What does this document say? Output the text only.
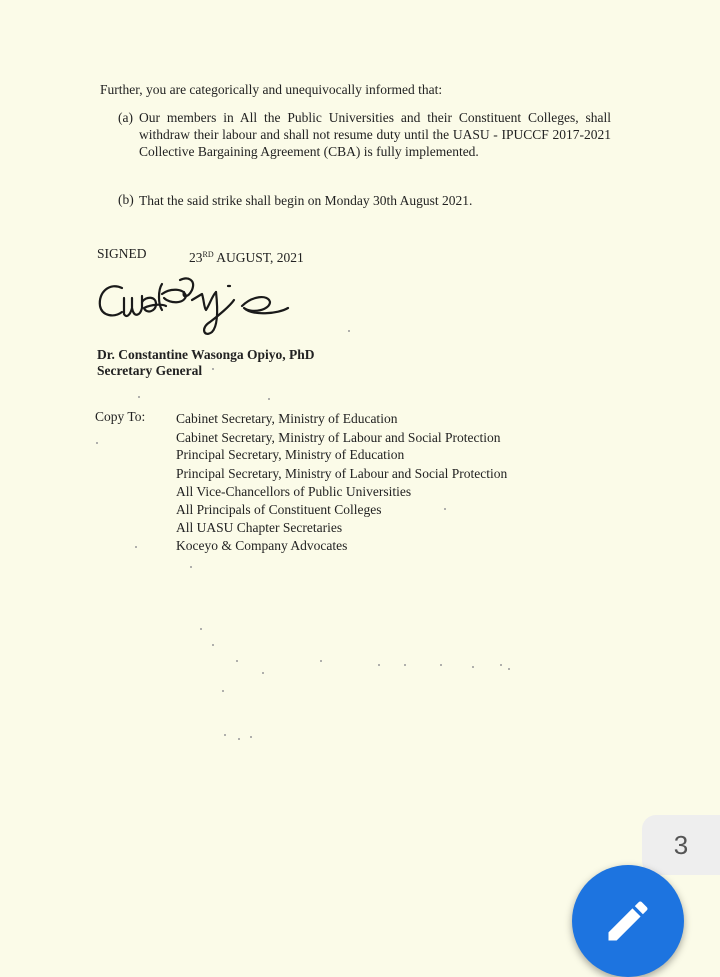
Further, you are categorically and unequivocally informed that:
(a) Our members in All the Public Universities and their Constituent Colleges, shall withdraw their labour and shall not resume duty until the UASU - IPUCCF 2017-2021 Collective Bargaining Agreement (CBA) is fully implemented.
(b) That the said strike shall begin on Monday 30th August 2021.
SIGNED	23RD AUGUST, 2021
Dr. Constantine Wasonga Opiyo, PhD
Secretary General
Copy To: Cabinet Secretary, Ministry of Education
Cabinet Secretary, Ministry of Labour and Social Protection
Principal Secretary, Ministry of Education
Principal Secretary, Ministry of Labour and Social Protection
All Vice-Chancellors of Public Universities
All Principals of Constituent Colleges
All UASU Chapter Secretaries
Koceyo & Company Advocates
3
